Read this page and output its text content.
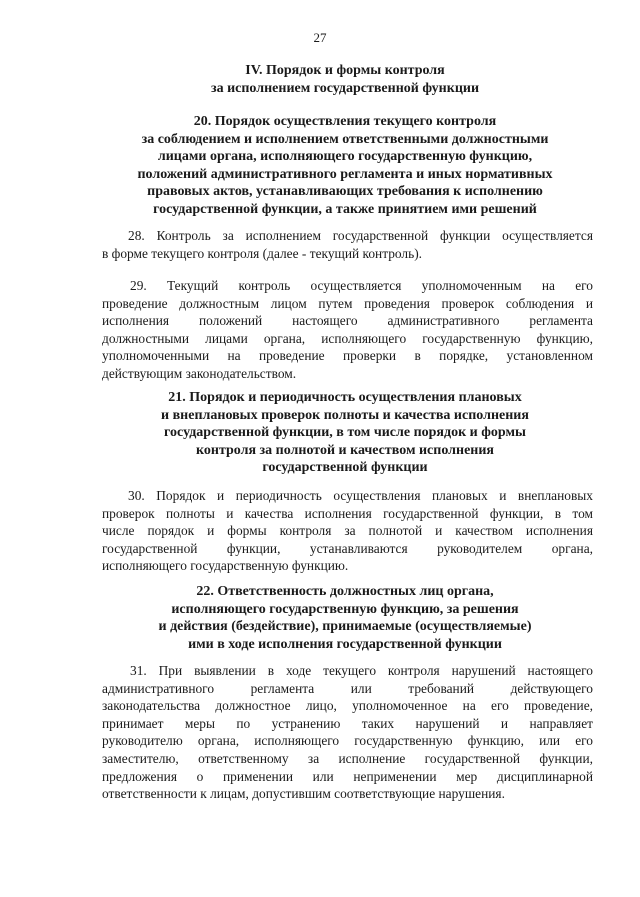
27
IV. Порядок и формы контроля
за исполнением государственной функции
20. Порядок осуществления текущего контроля
за соблюдением и исполнением ответственными должностными
лицами органа, исполняющего государственную функцию,
положений административного регламента и иных нормативных
правовых актов, устанавливающих требования к исполнению
государственной функции, а также принятием ими решений
28. Контроль за исполнением государственной функции осуществляется
в форме текущего контроля (далее - текущий контроль).
29. Текущий контроль осуществляется уполномоченным на его
проведение должностным лицом путем проведения проверок соблюдения и
исполнения положений настоящего административного регламента
должностными лицами органа, исполняющего государственную функцию,
уполномоченными на проведение проверки в порядке, установленном
действующим законодательством.
21. Порядок и периодичность осуществления плановых
и внеплановых проверок полноты и качества исполнения
государственной функции, в том числе порядок и формы
контроля за полнотой и качеством исполнения
государственной функции
30. Порядок и периодичность осуществления плановых и внеплановых
проверок полноты и качества исполнения государственной функции, в том
числе порядок и формы контроля за полнотой и качеством исполнения
государственной функции, устанавливаются руководителем органа,
исполняющего государственную функцию.
22. Ответственность должностных лиц органа,
исполняющего государственную функцию, за решения
и действия (бездействие), принимаемые (осуществляемые)
ими в ходе исполнения государственной функции
31. При выявлении в ходе текущего контроля нарушений настоящего
административного регламента или требований действующего
законодательства должностное лицо, уполномоченное на его проведение,
принимает меры по устранению таких нарушений и направляет
руководителю органа, исполняющего государственную функцию, или его
заместителю, ответственному за исполнение государственной функции,
предложения о применении или неприменении мер дисциплинарной
ответственности к лицам, допустившим соответствующие нарушения.
